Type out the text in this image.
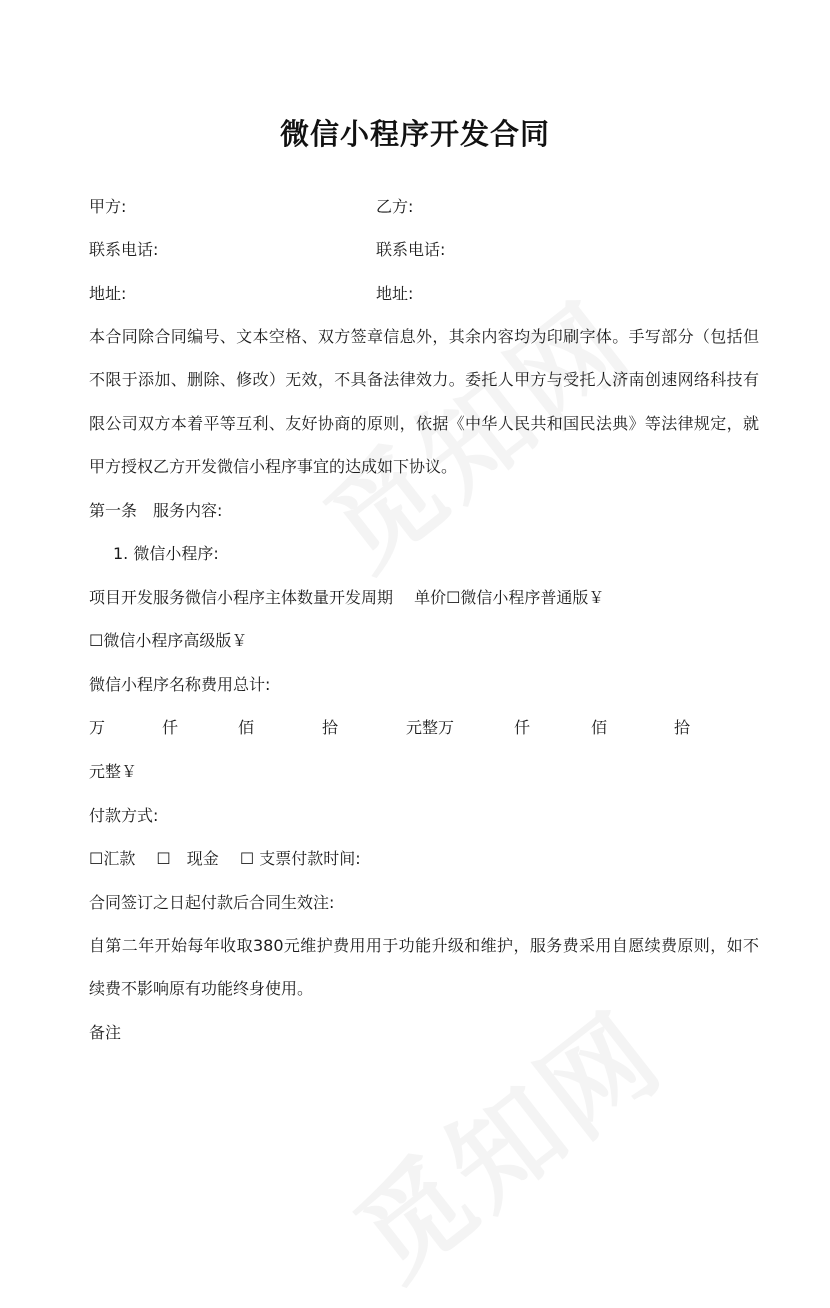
微信小程序开发合同
甲方:	乙方:
联系电话:	联系电话:
地址:	地址:
本合同除合同编号、文本空格、双方签章信息外，其余内容均为印刷字体。手写部分（包括但不限于添加、删除、修改）无效，不具备法律效力。委托人甲方与受托人济南创速网络科技有限公司双方本着平等互利、友好协商的原则，依据《中华人民共和国民法典》等法律规定，就甲方授权乙方开发微信小程序事宜的达成如下协议。
第一条　服务内容:
1. 微信小程序:
项目开发服务微信小程序主体数量开发周期　 单价☐微信小程序普通版￥
☐微信小程序高级版￥
微信小程序名称费用总计:
万	仟	佰	拾	元整万	仟	佰	拾
元整￥
付款方式:
☐汇款　 ☐　现金　 ☐ 支票付款时间:
合同签订之日起付款后合同生效注:
自第二年开始每年收取380元维护费用用于功能升级和维护，服务费采用自愿续费原则，如不续费不影响原有功能终身使用。
备注
